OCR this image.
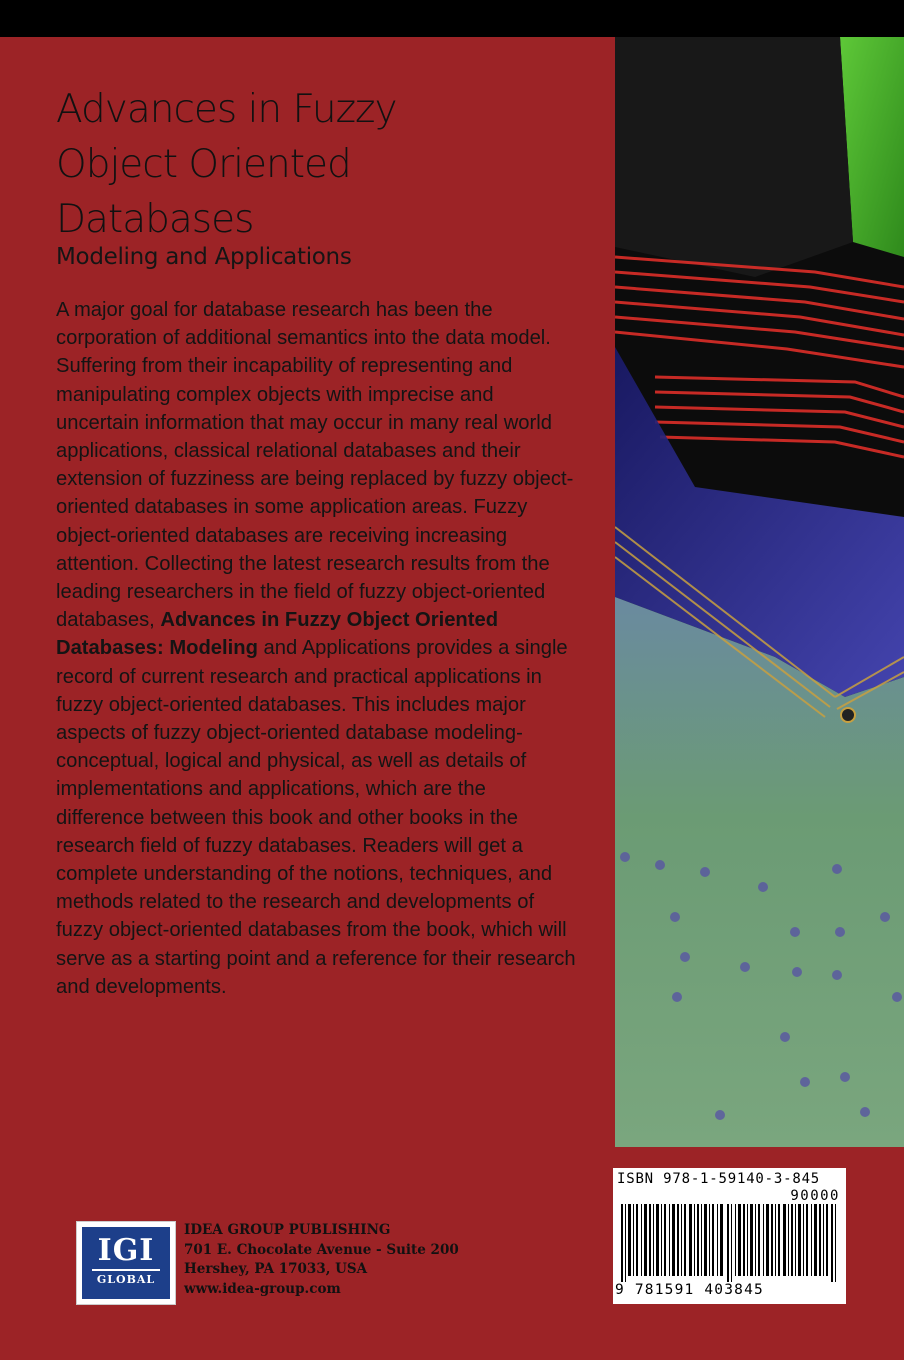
Advances in Fuzzy
Object Oriented
Databases
Modeling and Applications
A major goal for database research has been the corporation of additional semantics into the data model. Suffering from their incapability of representing and manipulating complex objects with imprecise and uncertain information that may occur in many real world applications, classical relational databases and their extension of fuzziness are being replaced by fuzzy object-oriented databases in some application areas. Fuzzy object-oriented databases are receiving increasing attention. Collecting the latest research results from the leading researchers in the field of fuzzy object-oriented databases, Advances in Fuzzy Object Oriented Databases: Modeling and Applications provides a single record of current research and practical applications in fuzzy object-oriented databases. This includes major aspects of fuzzy object-oriented database modeling-conceptual, logical and physical, as well as details of implementations and applications, which are the difference between this book and other books in the research field of fuzzy databases. Readers will get a complete understanding of the notions, techniques, and methods related to the research and developments of fuzzy object-oriented databases from the book, which will serve as a starting point and a reference for their research and developments.
IGI
GLOBAL
IDEA GROUP PUBLISHING
701 E. Chocolate Avenue - Suite 200
Hershey, PA 17033, USA
www.idea-group.com
ISBN 978-1-59140-3-845
90000
9 781591 403845
